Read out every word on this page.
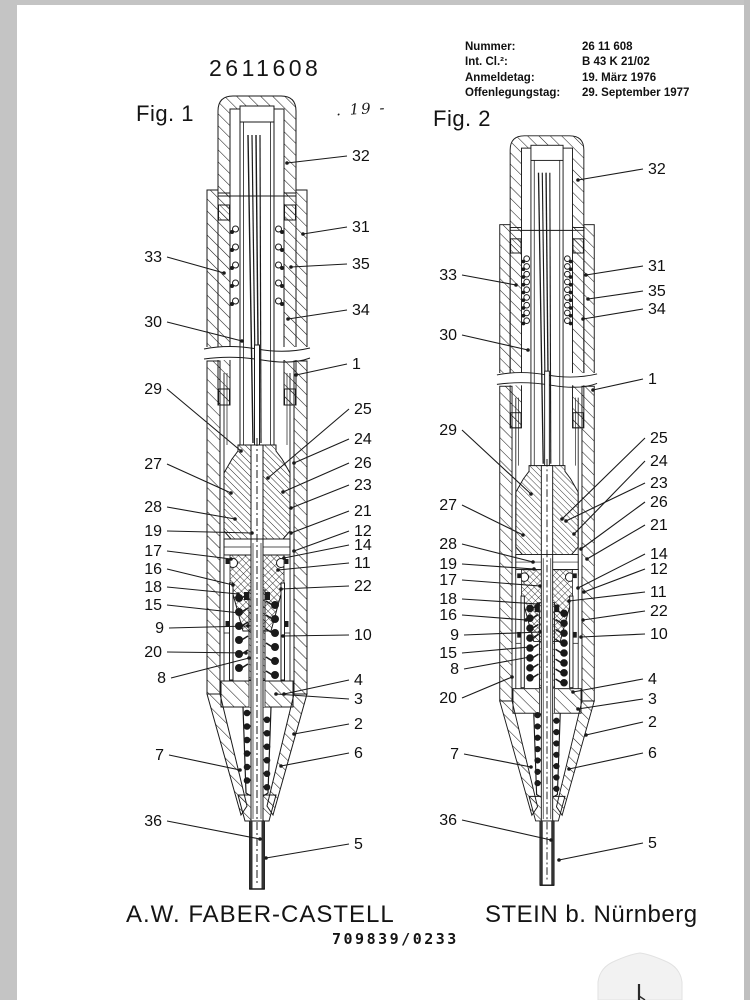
2611608
Nummer:	26 11 608
Int. Cl.²:	B 43 K 21/02
Anmeldetag:	19. März 1976
Offenlegungstag: 29. September 1977
Fig. 1	Fig. 2
. 19 -
32
31
35
34
1
25
24
26
23
21
12
14
11
22
10
4
3
2
6
5
33
30
29
27
28
19
17
16
18
15
9
20
8
7
36
32
31
35
34
1
25
24
23
26
21
14
12
11
22
10
4
3
2
6
5
33
30
29
27
28
19
17
18
16
9
15
8
20
7
36
A.W. FABER-CASTELL	STEIN b. Nürnberg
709839/0233
